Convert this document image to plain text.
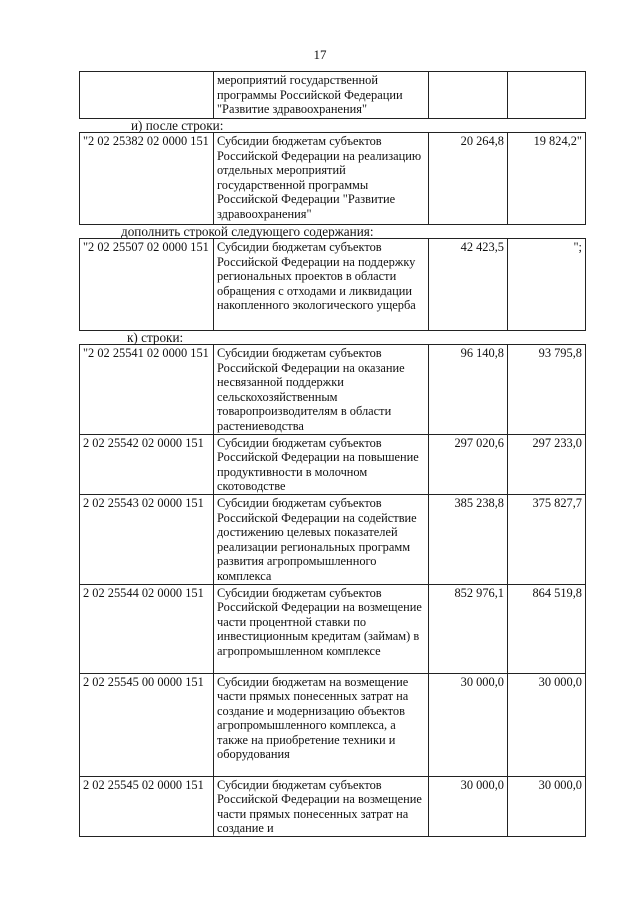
17
	мероприятий государственной программы Российской Федерации "Развитие здравоохранения"		
и) после строки:
"2 02 25382 02 0000 151	Субсидии бюджетам субъектов Российской Федерации на реализацию отдельных мероприятий государственной программы Российской Федерации "Развитие здравоохранения"	20 264,8	19 824,2"
дополнить строкой следующего содержания:
"2 02 25507 02 0000 151	Субсидии бюджетам субъектов Российской Федерации на поддержку региональных проектов в области обращения с отходами и ликвидации накопленного экологического ущерба	42 423,5	";
к) строки:
"2 02 25541 02 0000 151	Субсидии бюджетам субъектов Российской Федерации на оказание несвязанной поддержки сельскохозяйственным товаропроизводителям в области растениеводства	96 140,8	93 795,8
2 02 25542 02 0000 151	Субсидии бюджетам субъектов Российской Федерации на повышение продуктивности в молочном скотоводстве	297 020,6	297 233,0
2 02 25543 02 0000 151	Субсидии бюджетам субъектов Российской Федерации на содействие достижению целевых показателей реализации региональных программ развития агропромышленного комплекса	385 238,8	375 827,7
2 02 25544 02 0000 151	Субсидии бюджетам субъектов Российской Федерации на возмещение части процентной ставки по инвестиционным кредитам (займам) в агропромышленном комплексе	852 976,1	864 519,8
2 02 25545 00 0000 151	Субсидии бюджетам на возмещение части прямых понесенных затрат на создание и модернизацию объектов агропромышленного комплекса, а также на приобретение техники и оборудования	30 000,0	30 000,0
2 02 25545 02 0000 151	Субсидии бюджетам субъектов Российской Федерации на возмещение части прямых понесенных затрат на создание и	30 000,0	30 000,0
